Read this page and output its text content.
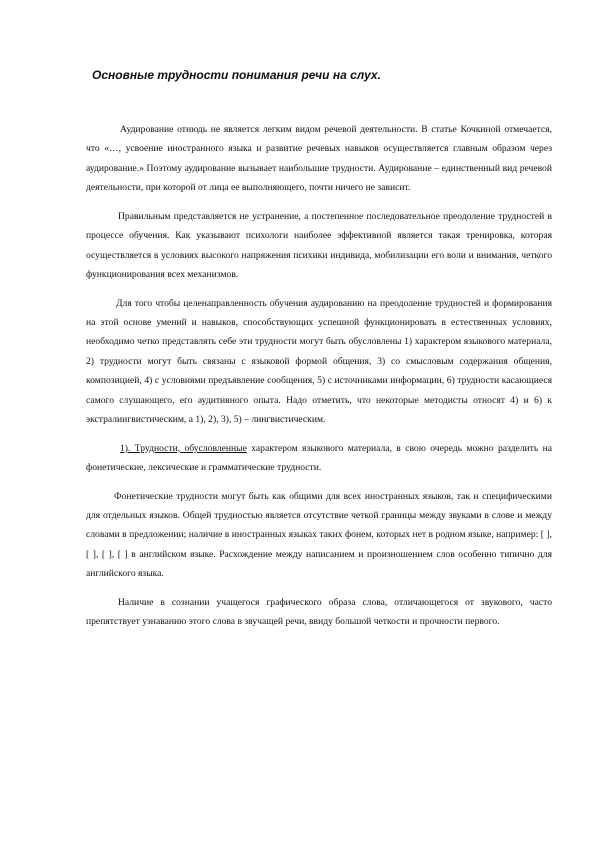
Основные трудности понимания речи на слух.

Аудирование отнюдь не является легким видом речевой деятельности. В статье Кочкиной отмечается, что «…, усвоение иностранного языка и развитие речевых навыков осуществляется главным образом через аудирование.» Поэтому аудирование вызывает наибольшие трудности. Аудирование – единственный вид речевой деятельности, при которой от лица ее выполняющего, почти ничего не зависит.

Правильным представляется не устранение, а постепенное последовательное преодоление трудностей в процессе обучения. Как указывают психологи наиболее эффективной является такая тренировка, которая осуществляется в условиях высокого напряжения психики индивида, мобилизации его воли и внимания, четкого функционирования всех механизмов.

Для того чтобы целенаправленность обучения аудированию на преодоление трудностей и формирования на этой основе умений и навыков, способствующих успешной функционировать в естественных условиях, необходимо четко представлять себе эти трудности могут быть обусловлены 1) характером языкового материала, 2) трудности могут быть связаны с языковой формой общения, 3) со смысловым содержания общения, композицией, 4) с условиями предъявление сообщения, 5) с источниками информации, 6) трудности касающиеся самого слушающего, его аудитивного опыта. Надо отметить, что некоторые методисты относят 4) и 6) к экстралингвистическим, а 1), 2), 3), 5) – лингвистическим.

1). Трудности, обусловленные характером языкового материала, в свою очередь можно разделить на фонетические, лексические и грамматические трудности.

Фонетические трудности могут быть как общими для всех иностранных языков, так и специфическими для отдельных языков. Общей трудностью является отсутствие четкой границы между звуками в слове и между словами в предложении; наличие в иностранных языках таких фонем, которых нет в родном языке, например: [ ], [ ], [ ], [ ] в английском языке. Расхождение между написанием и произношением слов особенно типично для английского языка.

Наличие в сознании учащегося графического образа слова, отличающегося от звукового, часто препятствует узнаванию этого слова в звучащей речи, ввиду большой четкости и прочности первого.
